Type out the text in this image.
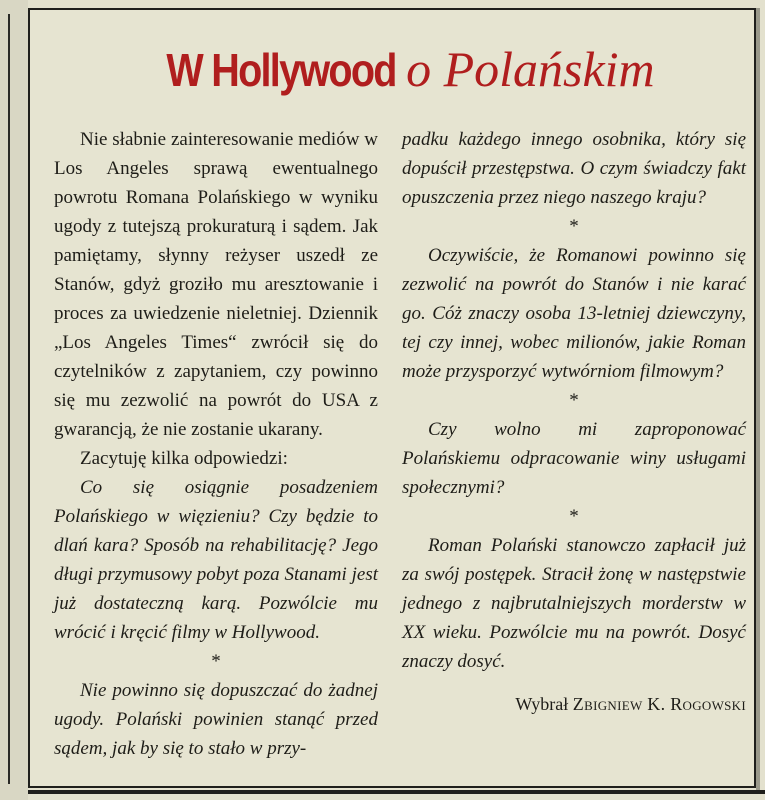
W Hollywood o Polańskim

Nie słabnie zainteresowanie mediów w Los Angeles sprawą ewentualnego powrotu Romana Polańskiego w wyniku ugody z tutejszą prokuraturą i sądem. Jak pamiętamy, słynny reżyser uszedł ze Stanów, gdyż groziło mu aresztowanie i proces za uwiedzenie nieletniej. Dziennik „Los Angeles Times“ zwrócił się do czytelników z zapytaniem, czy powinno się mu zezwolić na powrót do USA z gwarancją, że nie zostanie ukarany.

Zacytuję kilka odpowiedzi:

Co się osiągnie posadzeniem Polańskiego w więzieniu? Czy będzie to dlań kara? Sposób na rehabilitację? Jego długi przymusowy pobyt poza Stanami jest już dostateczną karą. Pozwólcie mu wrócić i kręcić filmy w Hollywood.

*

Nie powinno się dopuszczać do żadnej ugody. Polański powinien stanąć przed sądem, jak by się to stało w przy-

padku każdego innego osobnika, który się dopuścił przestępstwa. O czym świadczy fakt opuszczenia przez niego naszego kraju?

*

Oczywiście, że Romanowi powinno się zezwolić na powrót do Stanów i nie karać go. Cóż znaczy osoba 13-letniej dziewczyny, tej czy innej, wobec milionów, jakie Roman może przysporzyć wytwórniom filmowym?

*

Czy wolno mi zaproponować Polańskiemu odpracowanie winy usługami społecznymi?

*

Roman Polański stanowczo zapłacił już za swój postępek. Stracił żonę w następstwie jednego z najbrutalniejszych morderstw w XX wieku. Pozwólcie mu na powrót. Dosyć znaczy dosyć.

Wybrał Zbigniew K. Rogowski
